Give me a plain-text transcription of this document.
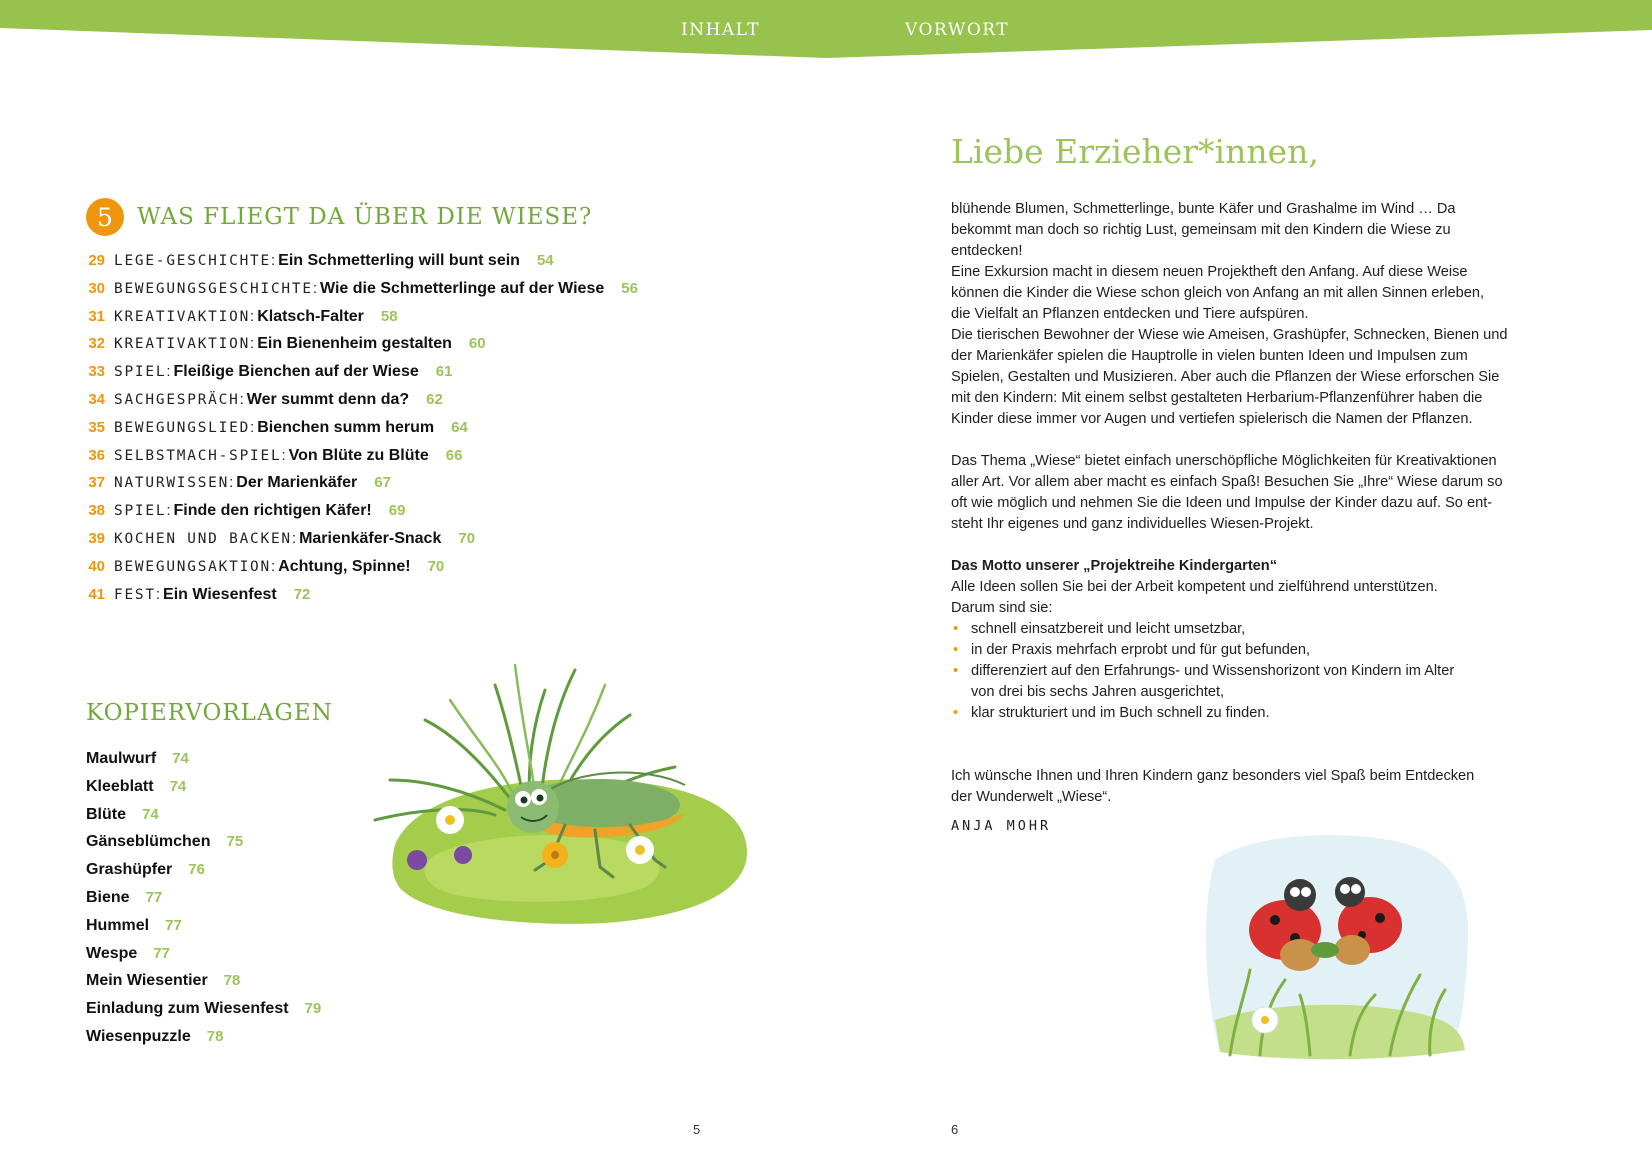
INHALT	VORWORT
5	WAS FLIEGT DA ÜBER DIE WIESE?
29 LEGE-GESCHICHTE : Ein Schmetterling will bunt sein 54
30 BEWEGUNGSGESCHICHTE : Wie die Schmetterlinge auf der Wiese 56
31 KREATIVAKTION : Klatsch-Falter 58
32 KREATIVAKTION : Ein Bienenheim gestalten 60
33 SPIEL : Fleißige Bienchen auf der Wiese 61
34 SACHGESPRÄCH : Wer summt denn da? 62
35 BEWEGUNGSLIED : Bienchen summ herum 64
36 SELBSTMACH-SPIEL : Von Blüte zu Blüte 66
37 NATURWISSEN : Der Marienkäfer 67
38 SPIEL : Finde den richtigen Käfer! 69
39 KOCHEN UND BACKEN : Marienkäfer-Snack 70
40 BEWEGUNGSAKTION : Achtung, Spinne! 70
41 FEST : Ein Wiesenfest 72
KOPIERVORLAGEN
Maulwurf 74
Kleeblatt 74
Blüte 74
Gänseblümchen 75
Grashüpfer 76
Biene 77
Hummel 77
Wespe 77
Mein Wiesentier 78
Einladung zum Wiesenfest 79
Wiesenpuzzle 78
5
Liebe Erzieher*innen,

blühende Blumen, Schmetterlinge, bunte Käfer und Grashalme im Wind … Da

bekommt man doch so richtig Lust, gemeinsam mit den Kindern die Wiese zu

entdecken!

Eine Exkursion macht in diesem neuen Projektheft den Anfang. Auf diese Weise

können die Kinder die Wiese schon gleich von Anfang an mit allen Sinnen erleben,

die Vielfalt an Pflanzen entdecken und Tiere aufspüren.

Die tierischen Bewohner der Wiese wie Ameisen, Grashüpfer, Schnecken, Bienen und

der Marienkäfer spielen die Hauptrolle in vielen bunten Ideen und Impulsen zum

Spielen, Gestalten und Musizieren. Aber auch die Pflanzen der Wiese erforschen Sie

mit den Kindern: Mit einem selbst gestalteten Herbarium-Pflanzenführer haben die

Kinder diese immer vor Augen und vertiefen spielerisch die Namen der Pflanzen.

Das Thema „Wiese“ bietet einfach unerschöpfliche Möglichkeiten für Kreativaktionen

aller Art. Vor allem aber macht es einfach Spaß! Besuchen Sie „Ihre“ Wiese darum so

oft wie möglich und nehmen Sie die Ideen und Impulse der Kinder dazu auf. So ent-

steht Ihr eigenes und ganz individuelles Wiesen-Projekt.

Das Motto unserer „Projektreihe Kindergarten“

Alle Ideen sollen Sie bei der Arbeit kompetent und zielführend unterstützen.

Darum sind sie:

• schnell einsatzbereit und leicht umsetzbar,
• in der Praxis mehrfach erprobt und für gut befunden,
• differenziert auf den Erfahrungs- und Wissenshorizont von Kindern im Alter
von drei bis sechs Jahren ausgerichtet,
• klar strukturiert und im Buch schnell zu finden.

Ich wünsche Ihnen und Ihren Kindern ganz besonders viel Spaß beim Entdecken

der Wunderwelt „Wiese“.

ANJA MOHR
6
